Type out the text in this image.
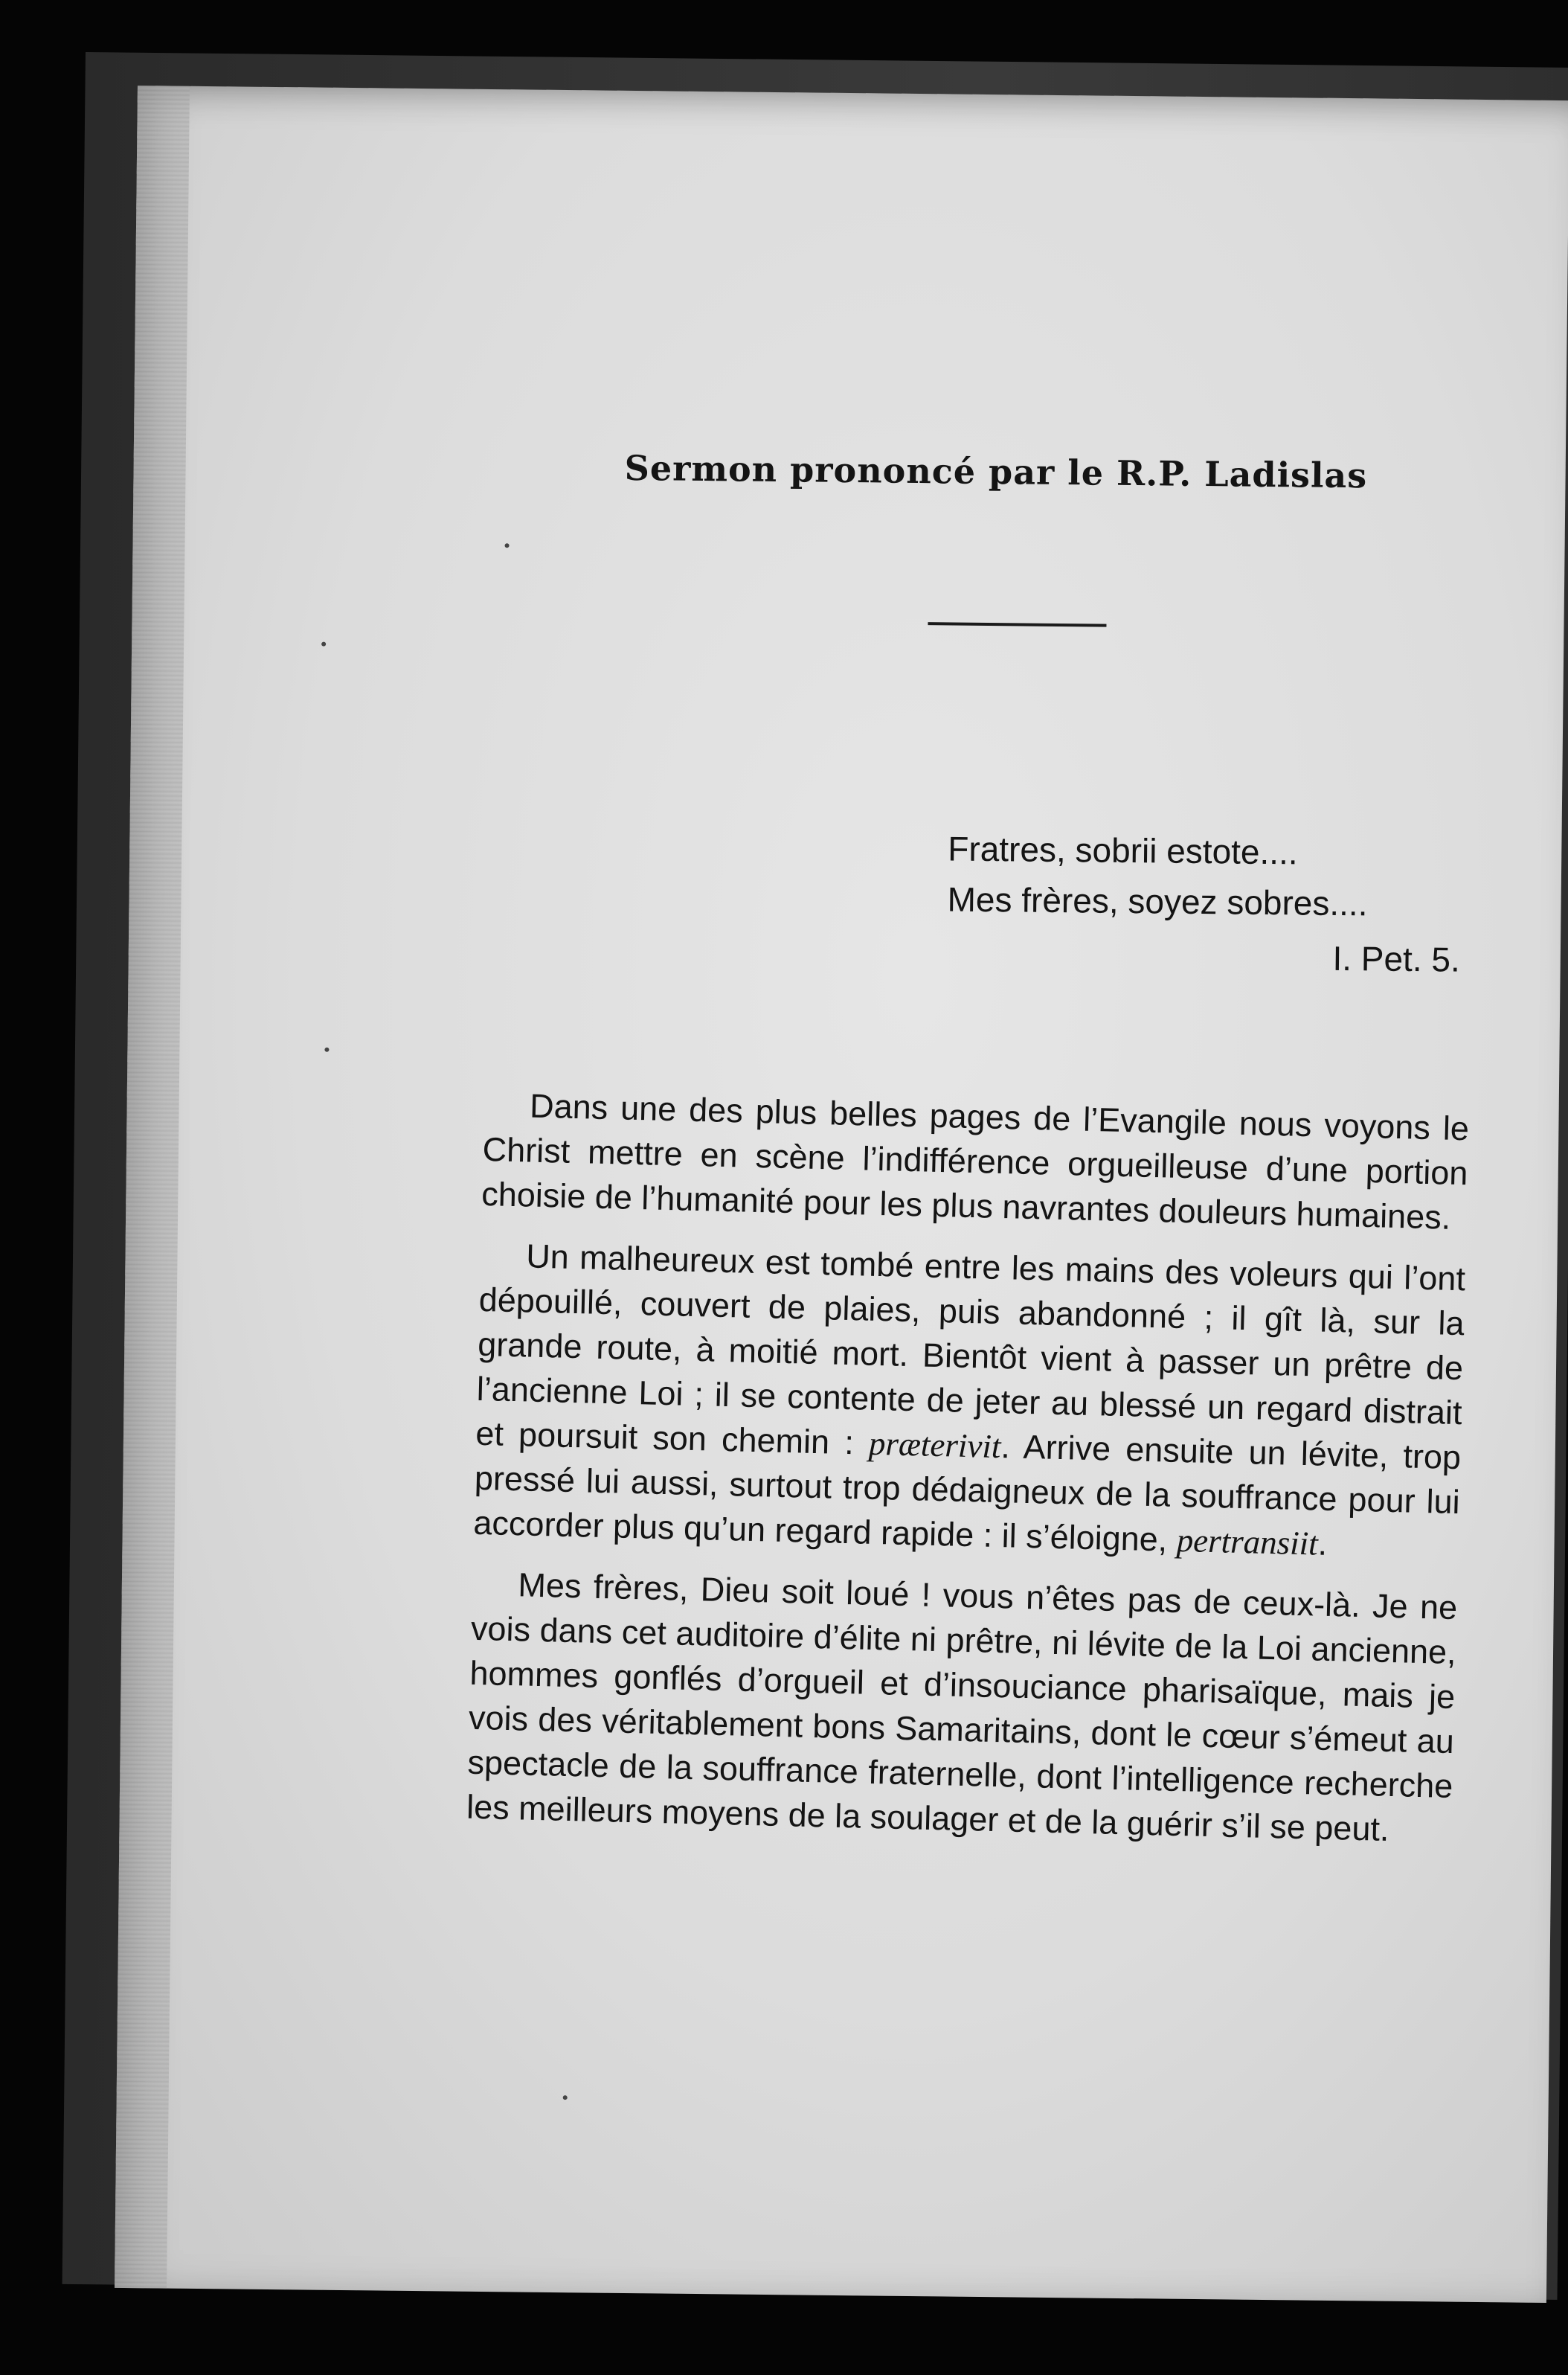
Sermon prononcé par le R.P. Ladislas
Fratres, sobrii estote....
Mes frères, soyez sobres....
I. Pet. 5.

Dans une des plus belles pages de l’Evangile nous voyons le Christ mettre en scène l’indifférence orgueilleuse d’une portion choisie de l’humanité pour les plus navrantes douleurs humaines.

Un malheureux est tombé entre les mains des voleurs qui l’ont dépouillé, couvert de plaies, puis abandonné ; il gît là, sur la grande route, à moitié mort. Bientôt vient à passer un prêtre de l’ancienne Loi ; il se contente de jeter au blessé un regard distrait et poursuit son chemin : præterivit. Arrive ensuite un lévite, trop pressé lui aussi, surtout trop dédaigneux de la souffrance pour lui accorder plus qu’un regard rapide : il s’éloigne, pertransiit.

Mes frères, Dieu soit loué ! vous n’êtes pas de ceux-là. Je ne vois dans cet auditoire d’élite ni prêtre, ni lévite de la Loi ancienne, hommes gonflés d’orgueil et d’insouciance pharisaïque, mais je vois des véritablement bons Samaritains, dont le cœur s’émeut au spectacle de la souffrance fraternelle, dont l’intelligence recherche les meilleurs moyens de la soulager et de la guérir s’il se peut.
